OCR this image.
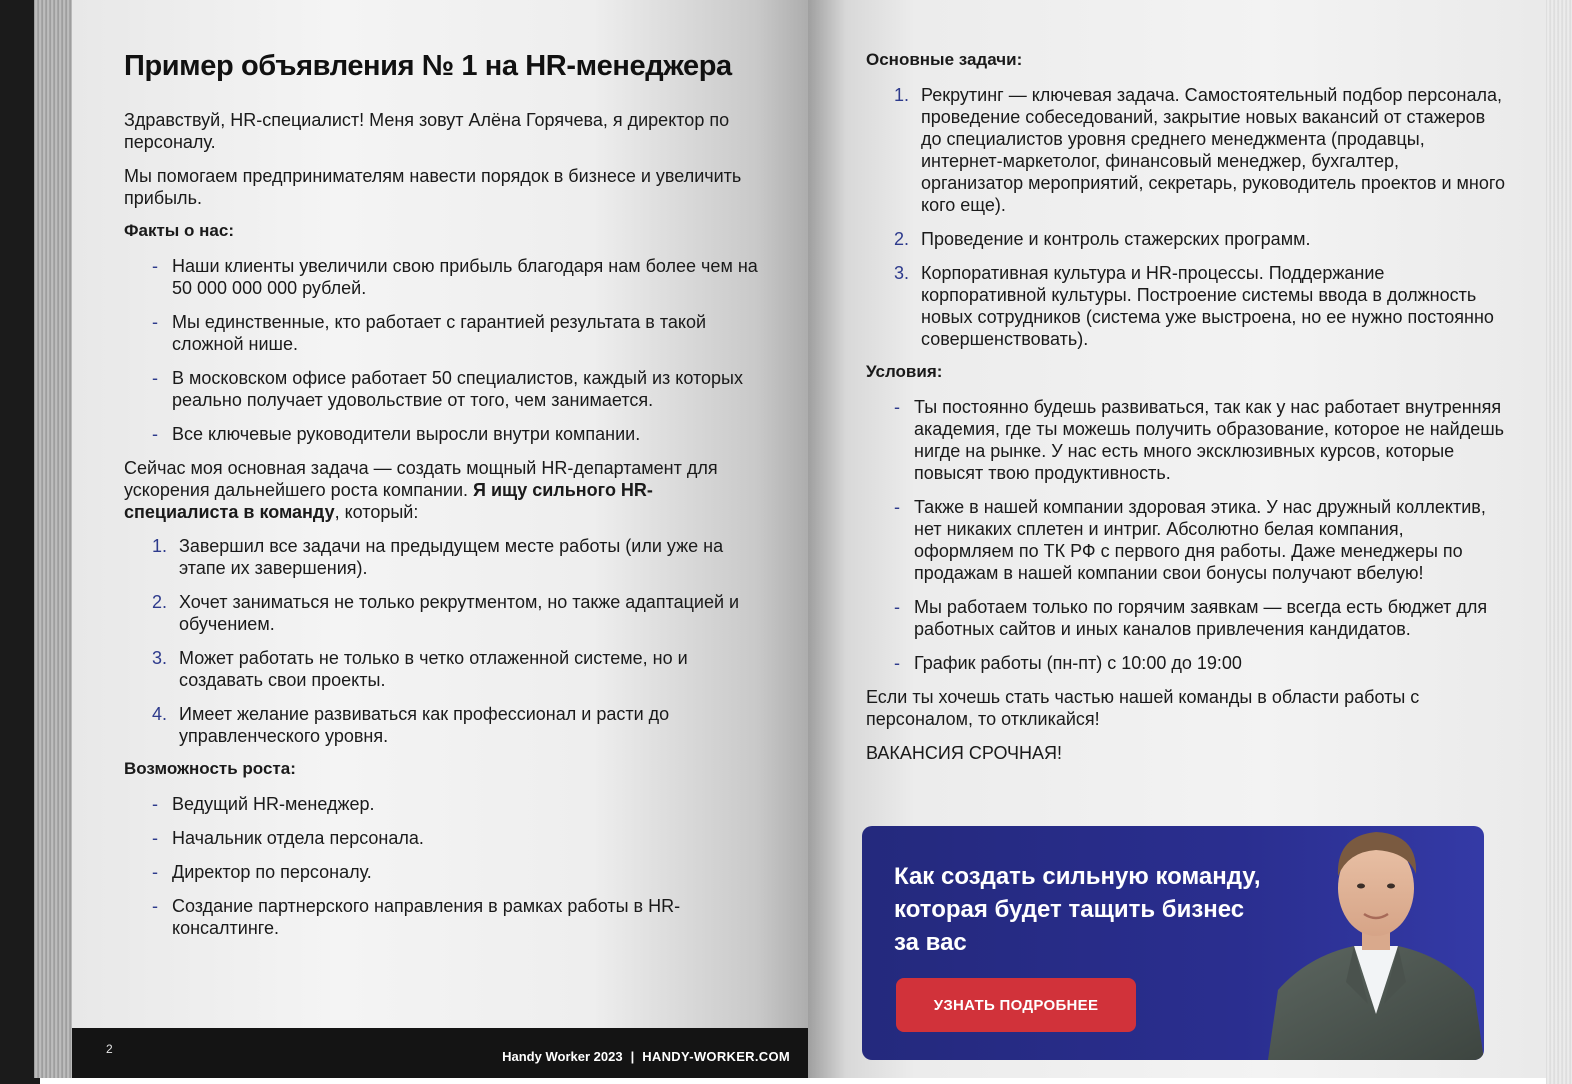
Пример объявления № 1 на HR-менеджера

Здравствуй, HR-специалист! Меня зовут Алёна Горячева, я директор по персоналу.

Мы помогаем предпринимателям навести порядок в бизнесе и увеличить прибыль.

Факты о нас:
- Наши клиенты увеличили свою прибыль благодаря нам более чем на 50 000 000 000 рублей.
- Мы единственные, кто работает с гарантией результата в такой сложной нише.
- В московском офисе работает 50 специалистов, каждый из которых реально получает удовольствие от того, чем занимается.
- Все ключевые руководители выросли внутри компании.

Сейчас моя основная задача — создать мощный HR-департамент для ускорения дальнейшего роста компании. Я ищу сильного HR-специалиста в команду, который:

1. Завершил все задачи на предыдущем месте работы (или уже на этапе их завершения).
2. Хочет заниматься не только рекрутментом, но также адаптацией и обучением.
3. Может работать не только в четко отлаженной системе, но и создавать свои проекты.
4. Имеет желание развиваться как профессионал и расти до управленческого уровня.
Возможность роста:
- Ведущий HR-менеджер.
- Начальник отдела персонала.
- Директор по персоналу.
- Создание партнерского направления в рамках работы в HR-консалтинге.
2	Handy Worker 2023 | HANDY-WORKER.COM
Основные задачи:
1. Рекрутинг — ключевая задача. Самостоятельный подбор персонала, проведение собеседований, закрытие новых вакансий от стажеров до специалистов уровня среднего менеджмента (продавцы, интернет-маркетолог, финансовый менеджер, бухгалтер, организатор мероприятий, секретарь, руководитель проектов и много кого еще).
2. Проведение и контроль стажерских программ.
3. Корпоративная культура и HR-процессы. Поддержание корпоративной культуры. Построение системы ввода в должность новых сотрудников (система уже выстроена, но ее нужно постоянно совершенствовать).
Условия:
- Ты постоянно будешь развиваться, так как у нас работает внутренняя академия, где ты можешь получить образование, которое не найдешь нигде на рынке. У нас есть много эксклюзивных курсов, которые повысят твою продуктивность.
- Также в нашей компании здоровая этика. У нас дружный коллектив, нет никаких сплетен и интриг. Абсолютно белая компания, оформляем по ТК РФ с первого дня работы. Даже менеджеры по продажам в нашей компании свои бонусы получают вбелую!
- Мы работаем только по горячим заявкам — всегда есть бюджет для работных сайтов и иных каналов привлечения кандидатов.
- График работы (пн-пт) с 10:00 до 19:00

Если ты хочешь стать частью нашей команды в области работы с персоналом, то откликайся!

ВАКАНСИЯ СРОЧНАЯ!

Как создать сильную команду, которая будет тащить бизнес за вас
УЗНАТЬ ПОДРОБНЕЕ
